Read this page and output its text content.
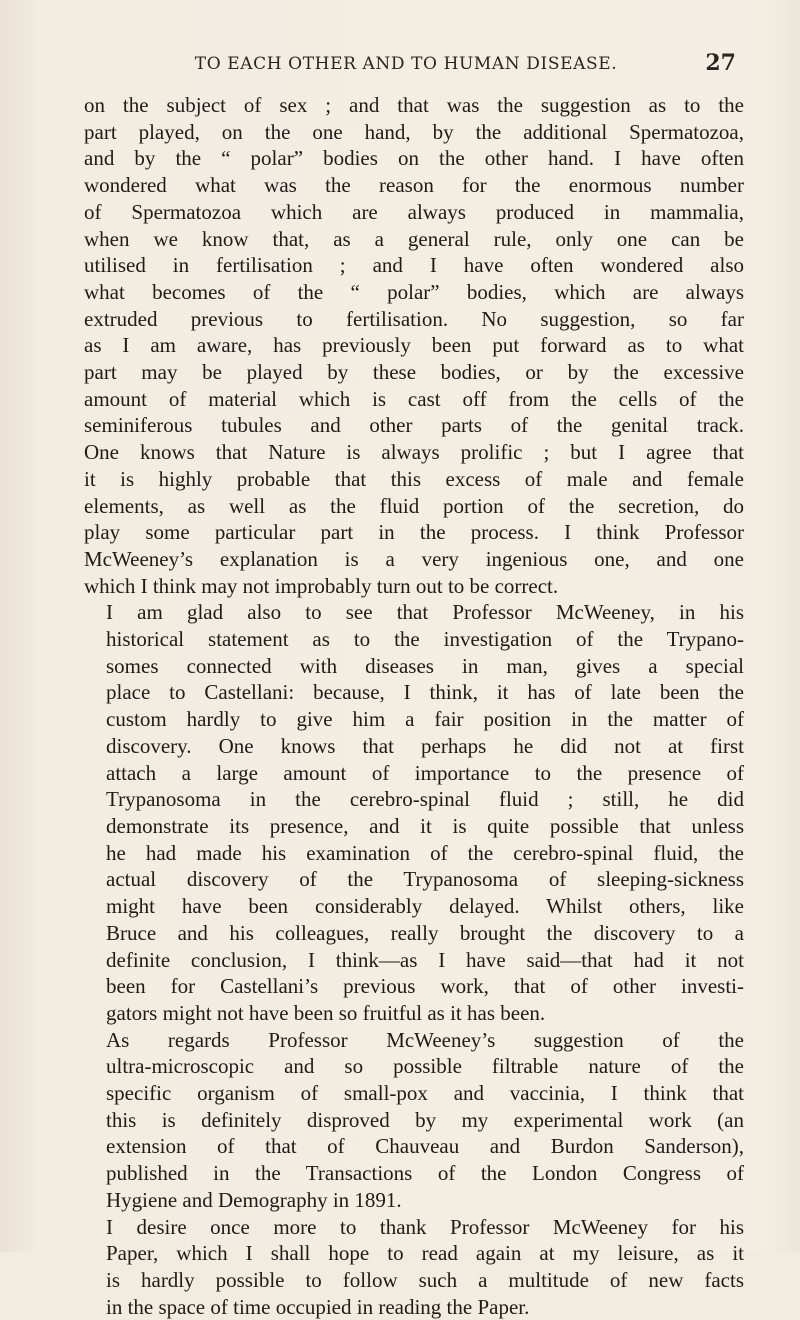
TO EACH OTHER AND TO HUMAN DISEASE.	27

on the subject of sex ; and that was the suggestion as to the
part played, on the one hand, by the additional Spermatozoa,
and by the “ polar” bodies on the other hand. I have often
wondered what was the reason for the enormous number
of Spermatozoa which are always produced in mammalia,
when we know that, as a general rule, only one can be
utilised in fertilisation ; and I have often wondered also
what becomes of the “ polar” bodies, which are always
extruded previous to fertilisation. No suggestion, so far
as I am aware, has previously been put forward as to what
part may be played by these bodies, or by the excessive
amount of material which is cast off from the cells of the
seminiferous tubules and other parts of the genital track.
One knows that Nature is always prolific ; but I agree that
it is highly probable that this excess of male and female
elements, as well as the fluid portion of the secretion, do
play some particular part in the process. I think Professor
McWeeney’s explanation is a very ingenious one, and one
which I think may not improbably turn out to be correct.

I am glad also to see that Professor McWeeney, in his
historical statement as to the investigation of the Trypano-
somes connected with diseases in man, gives a special
place to Castellani: because, I think, it has of late been the
custom hardly to give him a fair position in the matter of
discovery. One knows that perhaps he did not at first
attach a large amount of importance to the presence of
Trypanosoma in the cerebro-spinal fluid ; still, he did
demonstrate its presence, and it is quite possible that unless
he had made his examination of the cerebro-spinal fluid, the
actual discovery of the Trypanosoma of sleeping-sickness
might have been considerably delayed. Whilst others, like
Bruce and his colleagues, really brought the discovery to a
definite conclusion, I think—as I have said—that had it not
been for Castellani’s previous work, that of other investi-
gators might not have been so fruitful as it has been.

As regards Professor McWeeney’s suggestion of the
ultra-microscopic and so possible filtrable nature of the
specific organism of small-pox and vaccinia, I think that
this is definitely disproved by my experimental work (an
extension of that of Chauveau and Burdon Sanderson),
published in the Transactions of the London Congress of
Hygiene and Demography in 1891.

I desire once more to thank Professor McWeeney for his
Paper, which I shall hope to read again at my leisure, as it
is hardly possible to follow such a multitude of new facts
in the space of time occupied in reading the Paper.
